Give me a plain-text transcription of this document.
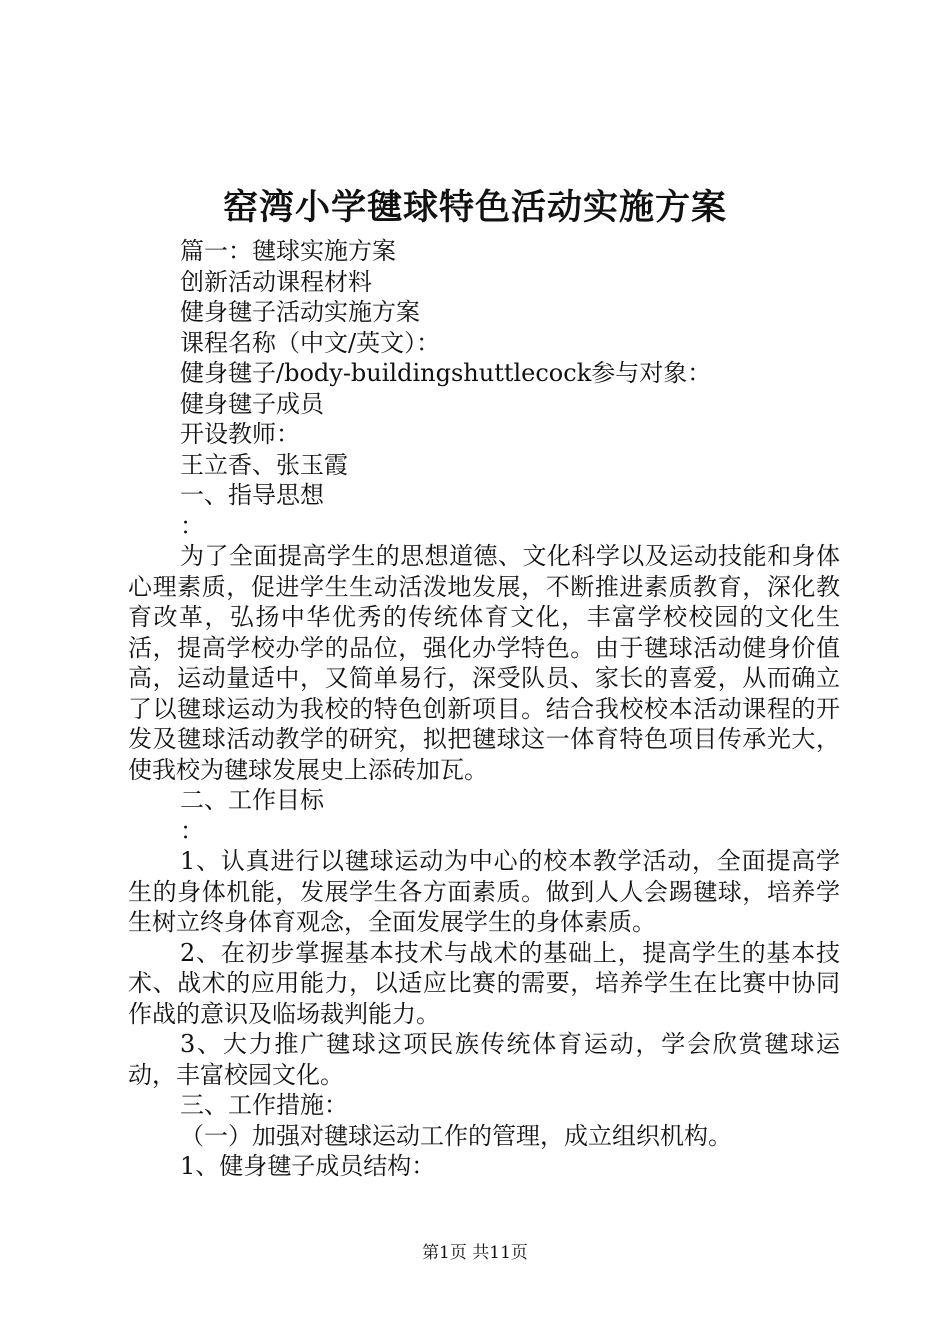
窑湾小学毽球特色活动实施方案
篇一：毽球实施方案
创新活动课程材料
健身毽子活动实施方案
课程名称（中文/英文）：
健身毽子/body-buildingshuttlecock参与对象：
健身毽子成员
开设教师：
王立香、张玉霞
一、指导思想
：
为了全面提高学生的思想道德、文化科学以及运动技能和身体心理素质，促进学生生动活泼地发展，不断推进素质教育，深化教育改革，弘扬中华优秀的传统体育文化，丰富学校校园的文化生活，提高学校办学的品位，强化办学特色。由于毽球活动健身价值高，运动量适中，又简单易行，深受队员、家长的喜爱，从而确立了以毽球运动为我校的特色创新项目。结合我校校本活动课程的开发及毽球活动教学的研究，拟把毽球这一体育特色项目传承光大，使我校为毽球发展史上添砖加瓦。
二、工作目标
：
1、认真进行以毽球运动为中心的校本教学活动，全面提高学生的身体机能，发展学生各方面素质。做到人人会踢毽球，培养学生树立终身体育观念，全面发展学生的身体素质。
2、在初步掌握基本技术与战术的基础上，提高学生的基本技术、战术的应用能力，以适应比赛的需要，培养学生在比赛中协同作战的意识及临场裁判能力。
3、大力推广毽球这项民族传统体育运动，学会欣赏毽球运动，丰富校园文化。
三、工作措施：
（一）加强对毽球运动工作的管理，成立组织机构。
1、健身毽子成员结构：
第1页 共11页
